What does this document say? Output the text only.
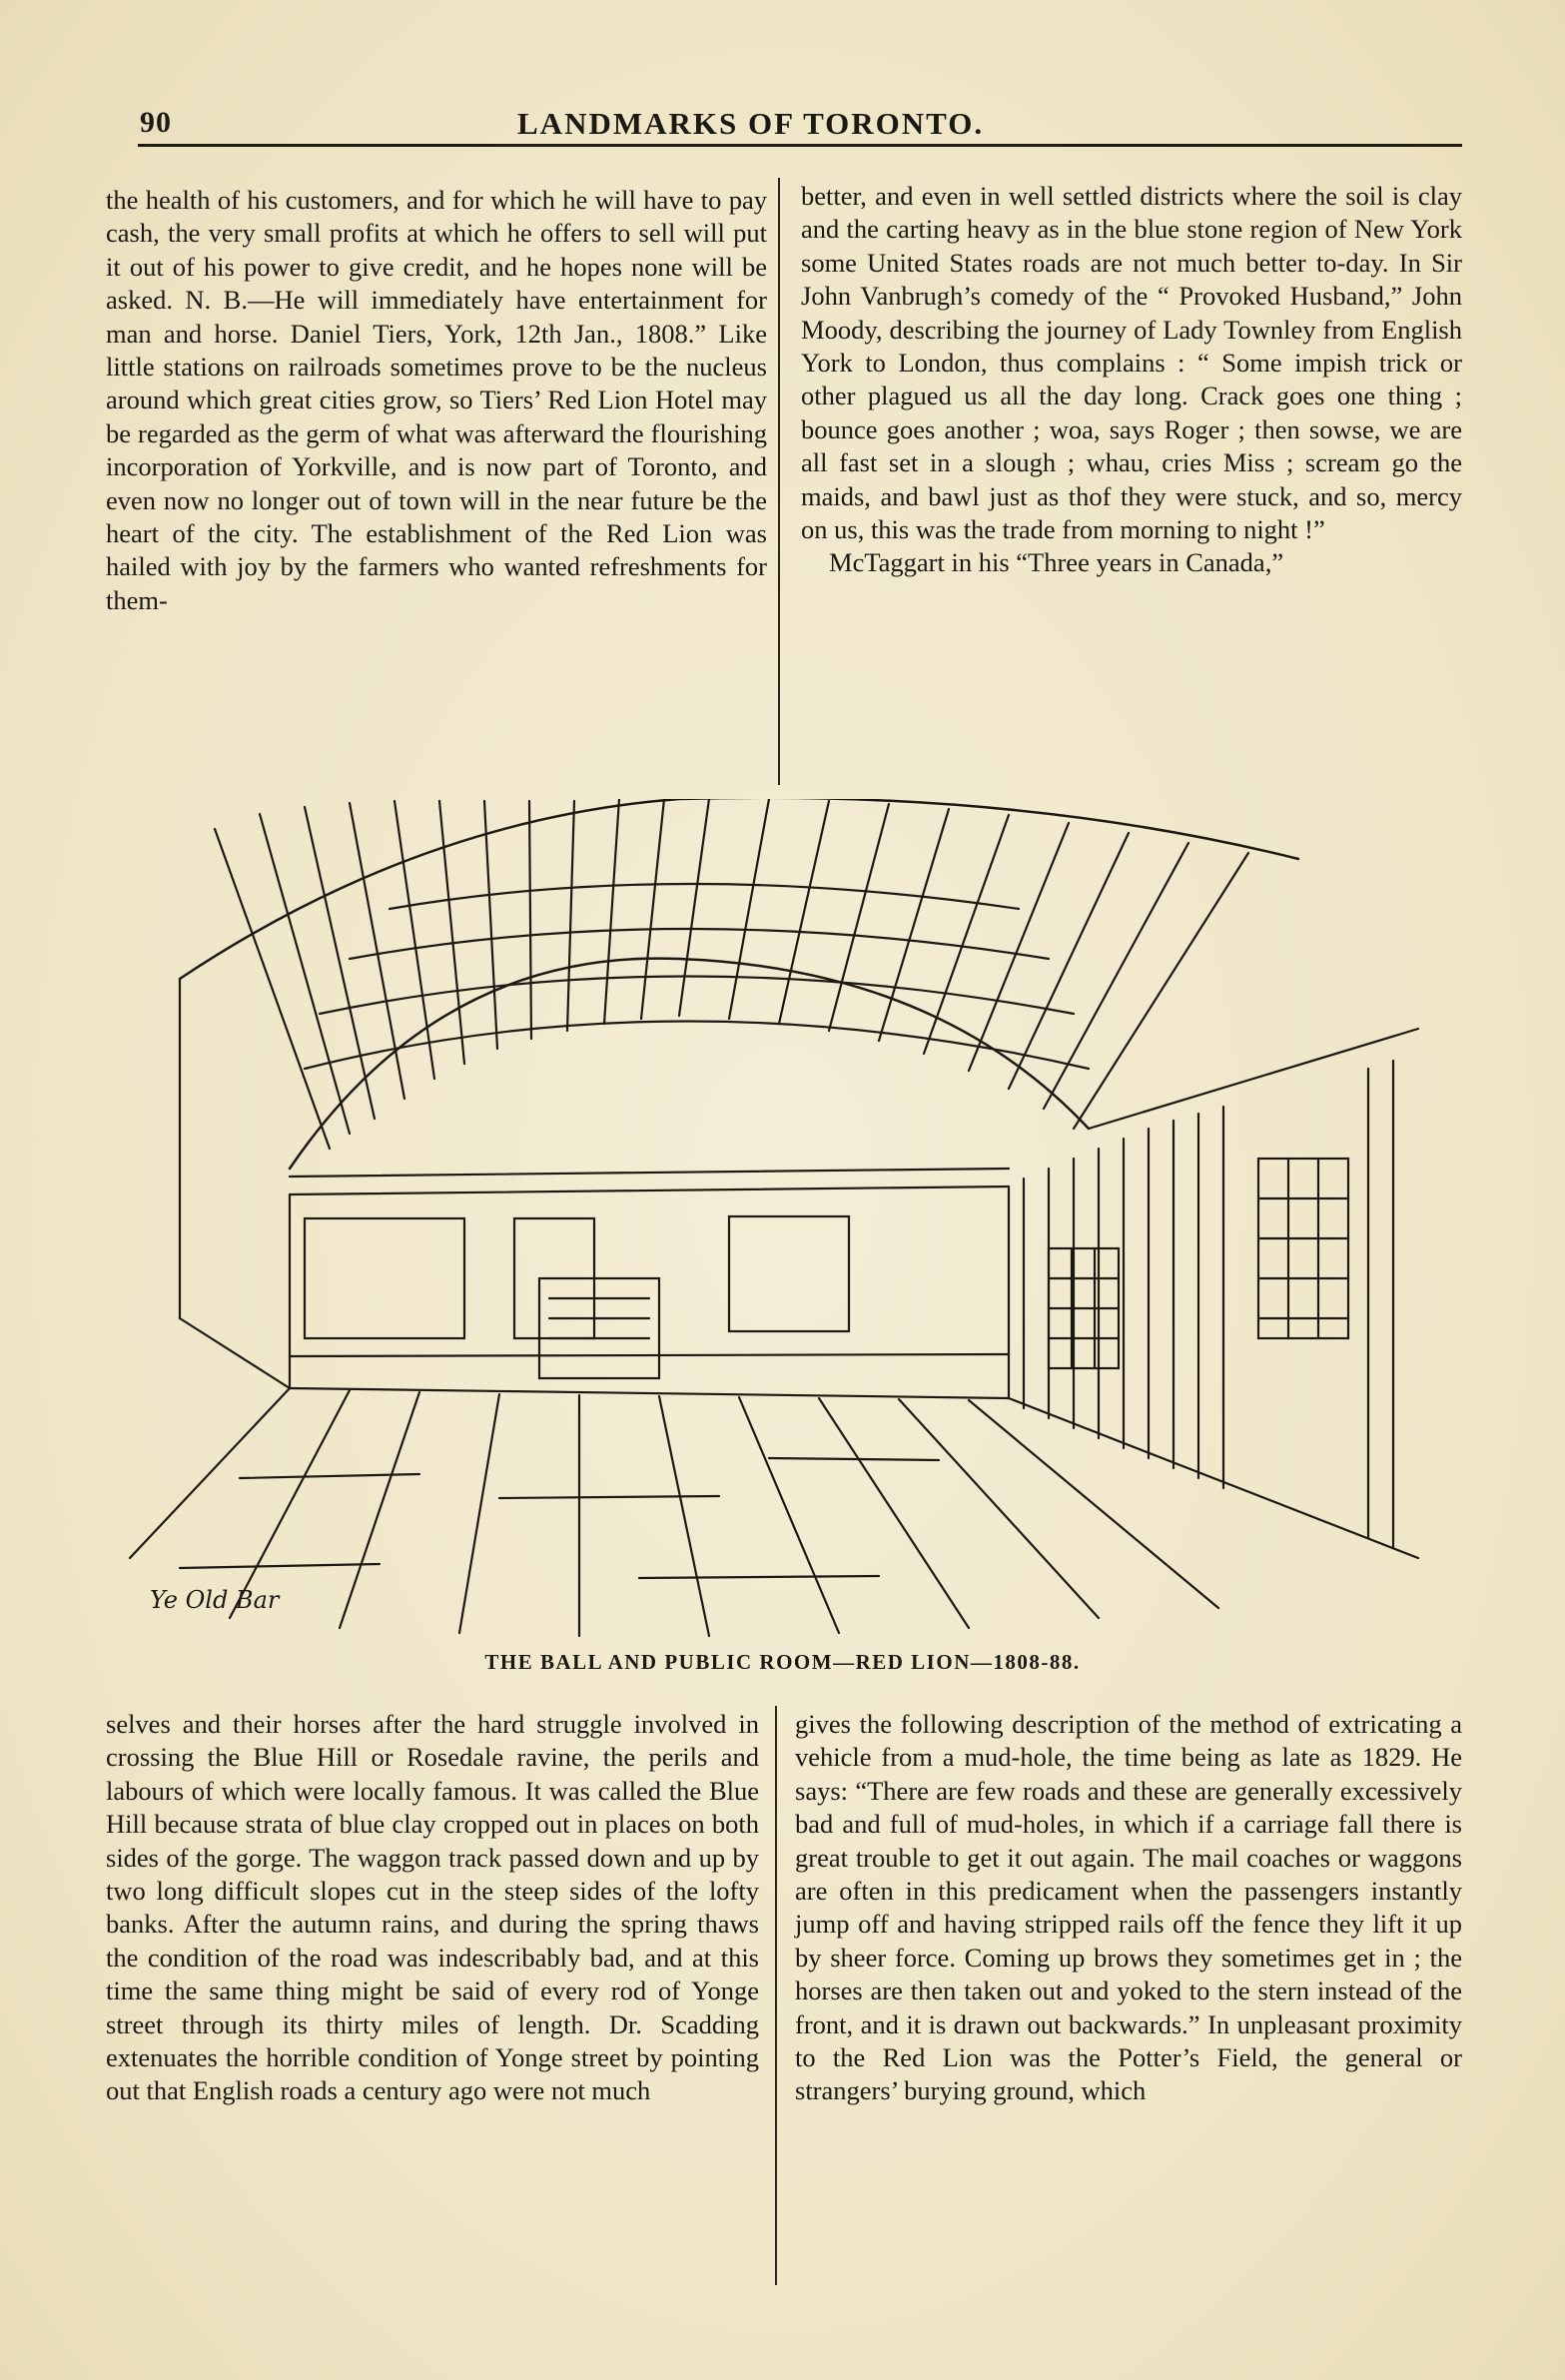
90	LANDMARKS OF TORONTO.

the health of his customers, and for which he will have to pay cash, the very small profits at which he offers to sell will put it out of his power to give credit, and he hopes none will be asked. N. B.—He will immediately have entertainment for man and horse. Daniel Tiers, York, 12th Jan., 1808.” Like little stations on railroads sometimes prove to be the nucleus around which great cities grow, so Tiers’ Red Lion Hotel may be regarded as the germ of what was afterward the flourishing incorporation of Yorkville, and is now part of Toronto, and even now no longer out of town will in the near future be the heart of the city. The establishment of the Red Lion was hailed with joy by the farmers who wanted refreshments for them-

better, and even in well settled districts where the soil is clay and the carting heavy as in the blue stone region of New York some United States roads are not much better to-day. In Sir John Vanbrugh’s comedy of the “ Provoked Husband,” John Moody, describing the journey of Lady Townley from English York to London, thus complains : “ Some impish trick or other plagued us all the day long. Crack goes one thing ; bounce goes another ; woa, says Roger ; then sowse, we are all fast set in a slough ; whau, cries Miss ; scream go the maids, and bawl just as thof they were stuck, and so, mercy on us, this was the trade from morning to night !”

McTaggart in his “Three years in Canada,”

Ye Old Bar
THE BALL AND PUBLIC ROOM—RED LION—1808-88.

selves and their horses after the hard struggle involved in crossing the Blue Hill or Rosedale ravine, the perils and labours of which were locally famous. It was called the Blue Hill because strata of blue clay cropped out in places on both sides of the gorge. The waggon track passed down and up by two long difficult slopes cut in the steep sides of the lofty banks. After the autumn rains, and during the spring thaws the condition of the road was indescribably bad, and at this time the same thing might be said of every rod of Yonge street through its thirty miles of length. Dr. Scadding extenuates the horrible condition of Yonge street by pointing out that English roads a century ago were not much

gives the following description of the method of extricating a vehicle from a mud-hole, the time being as late as 1829. He says: “There are few roads and these are generally excessively bad and full of mud-holes, in which if a carriage fall there is great trouble to get it out again. The mail coaches or waggons are often in this predicament when the passengers instantly jump off and having stripped rails off the fence they lift it up by sheer force. Coming up brows they sometimes get in ; the horses are then taken out and yoked to the stern instead of the front, and it is drawn out backwards.” In unpleasant proximity to the Red Lion was the Potter’s Field, the general or strangers’ burying ground, which
